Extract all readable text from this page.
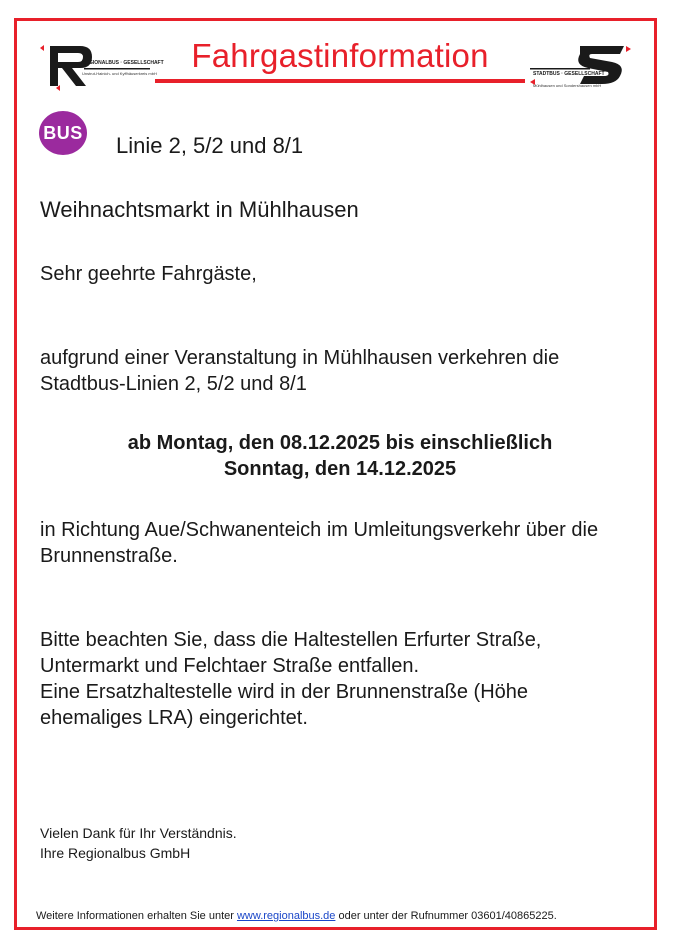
REGIONALBUS · GESELLSCHAFT
Unstrut-Hainich- und Kyffhäuserkreis mbH	Fahrgastinformation	STADTBUS · GESELLSCHAFT
Mühlhausen und Sondershausen mbH
BUS
Linie 2, 5/2 und 8/1
Weihnachtsmarkt in Mühlhausen
Sehr geehrte Fahrgäste,
aufgrund einer Veranstaltung in Mühlhausen verkehren die
Stadtbus-Linien 2, 5/2 und 8/1
ab Montag, den 08.12.2025 bis einschließlich
Sonntag, den 14.12.2025
in Richtung Aue/Schwanenteich im Umleitungsverkehr über die
Brunnenstraße.
Bitte beachten Sie, dass die Haltestellen Erfurter Straße,
Untermarkt und Felchtaer Straße entfallen.
Eine Ersatzhaltestelle wird in der Brunnenstraße (Höhe
ehemaliges LRA) eingerichtet.
Vielen Dank für Ihr Verständnis.
Ihre Regionalbus GmbH
Weitere Informationen erhalten Sie unter www.regionalbus.de oder unter der Rufnummer 03601/40865225.
